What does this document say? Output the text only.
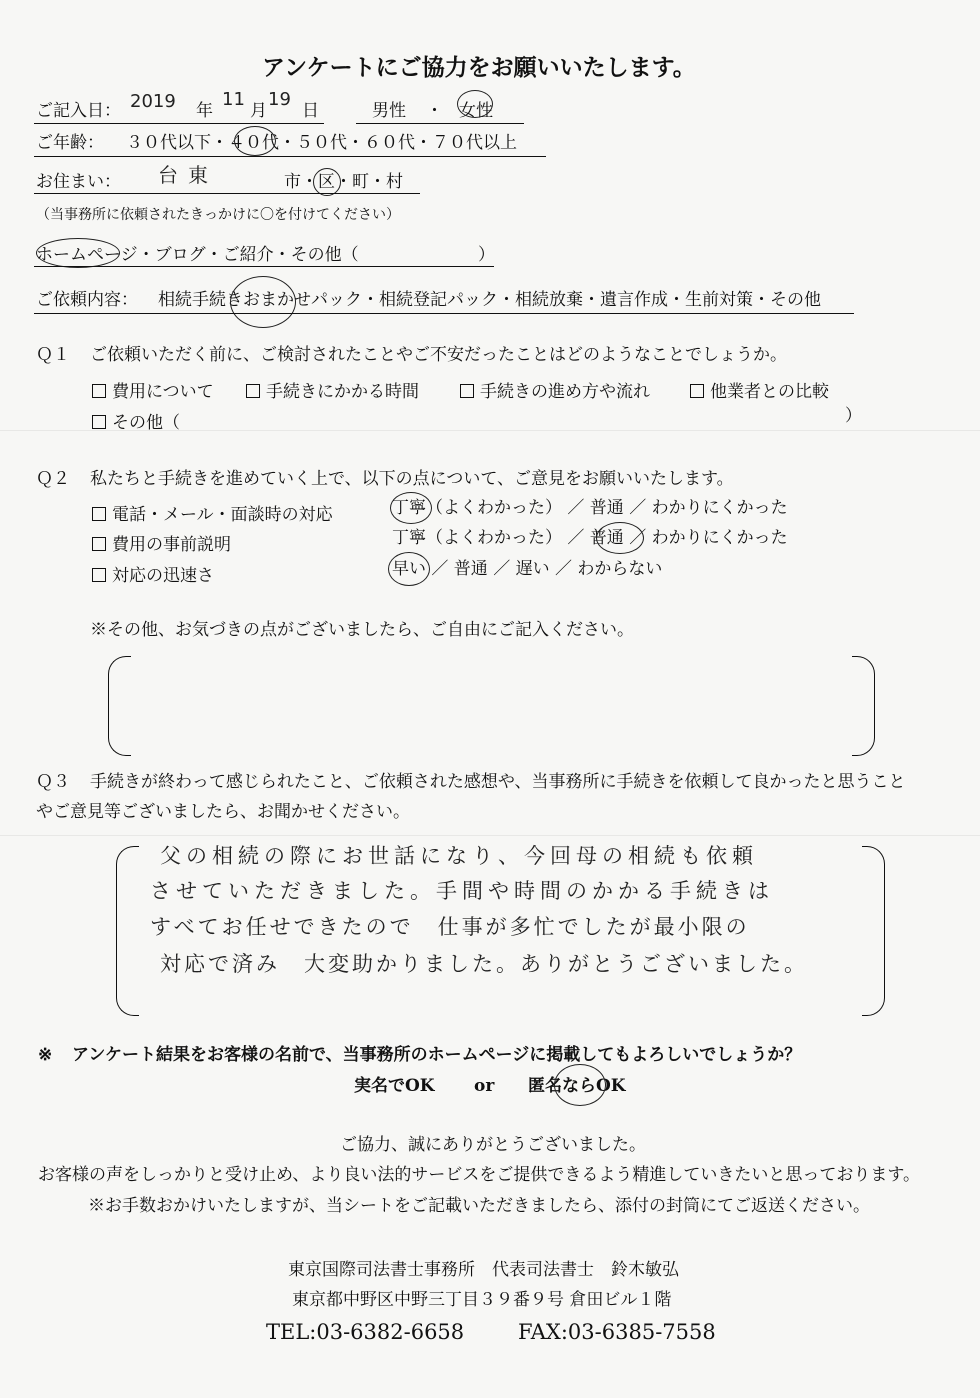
アンケートにご協力をお願いいたします。
ご記入日： 2019 年
11
月
19
日	男性 ・ 女性
ご年齢： ３０代以下・４０代・５０代・６０代・７０代以上
お住まい： 台東	市・区・町・村
（当事務所に依頼されたきっかけに〇を付けてください）
ホームページ・ブログ・ご紹介・その他（	）
ご依頼内容： 相続手続きおまかせパック・相続登記パック・相続放棄・遺言作成・生前対策・その他
Ｑ１ ご依頼いただく前に、ご検討されたことやご不安だったことはどのようなことでしょうか。
費用について	手続きにかかる時間	手続きの進め方や流れ	他業者との比較
その他（	）
Ｑ２ 私たちと手続きを進めていく上で、以下の点について、ご意見をお願いいたします。
電話・メール・面談時の対応	丁寧（よくわかった） ／ 普通 ／ わかりにくかった
費用の事前説明	丁寧（よくわかった） ／ 普通 ／ わかりにくかった
対応の迅速さ	早い ／ 普通 ／ 遅い ／ わからない
※その他、お気づきの点がございましたら、ご自由にご記入ください。
Ｑ３ 手続きが終わって感じられたこと、ご依頼された感想や、当事務所に手続きを依頼して良かったと思うこと
やご意見等ございましたら、お聞かせください。
父の相続の際にお世話になり、今回母の相続も依頼
させていただきました。手間や時間のかかる手続きは
すべてお任せできたので　仕事が多忙でしたが最小限の
対応で済み　大変助かりました。ありがとうございました。
※ アンケート結果をお客様の名前で、当事務所のホームページに掲載してもよろしいでしょうか？
実名でOK or 匿名ならOK
ご協力、誠にありがとうございました。
お客様の声をしっかりと受け止め、より良い法的サービスをご提供できるよう精進していきたいと思っております。
※お手数おかけいたしますが、当シートをご記載いただきましたら、添付の封筒にてご返送ください。
東京国際司法書士事務所　代表司法書士　鈴木敏弘
東京都中野区中野三丁目３９番９号 倉田ビル１階
TEL:03-6382-6658	FAX:03-6385-7558
